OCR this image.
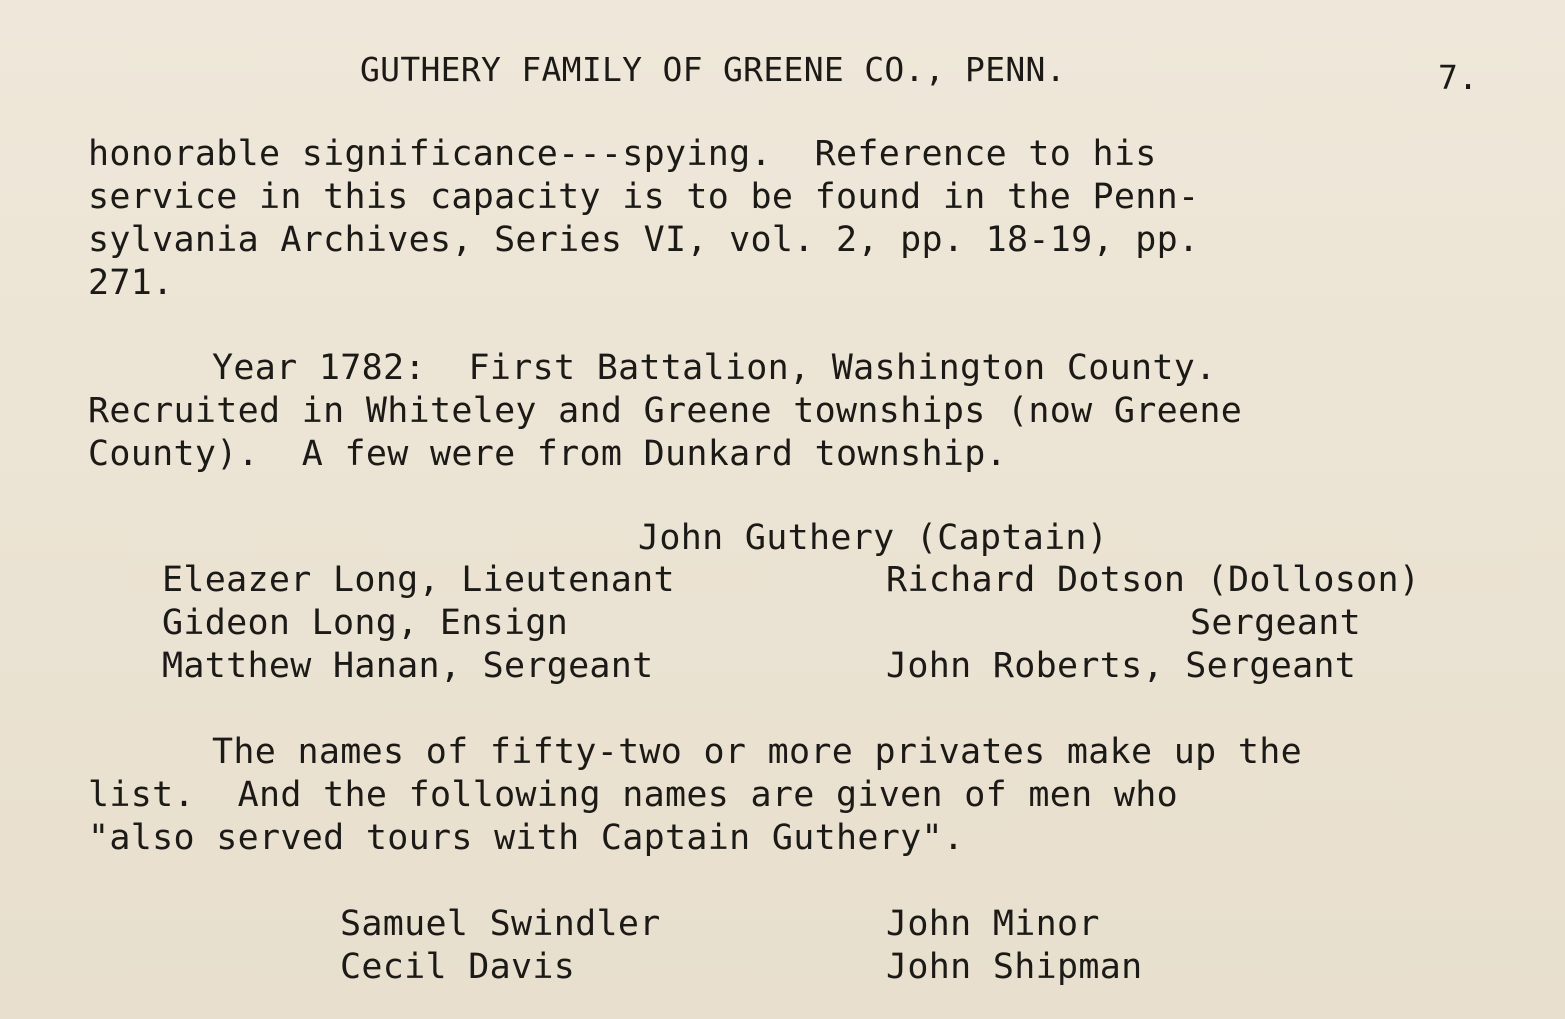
GUTHERY FAMILY OF GREENE CO., PENN.	7.
honorable significance---spying.  Reference to his
service in this capacity is to be found in the Penn-
sylvania Archives, Series VI, vol. 2, pp. 18-19, pp.
271.
Year 1782:  First Battalion, Washington County.
Recruited in Whiteley and Greene townships (now Greene
County).  A few were from Dunkard township.
John Guthery (Captain)
Eleazer Long, Lieutenant	Richard Dotson (Dolloson)
Gideon Long, Ensign	Sergeant
Matthew Hanan, Sergeant	John Roberts, Sergeant
The names of fifty-two or more privates make up the
list.  And the following names are given of men who
"also served tours with Captain Guthery".
Samuel Swindler	John Minor
Cecil Davis	John Shipman
